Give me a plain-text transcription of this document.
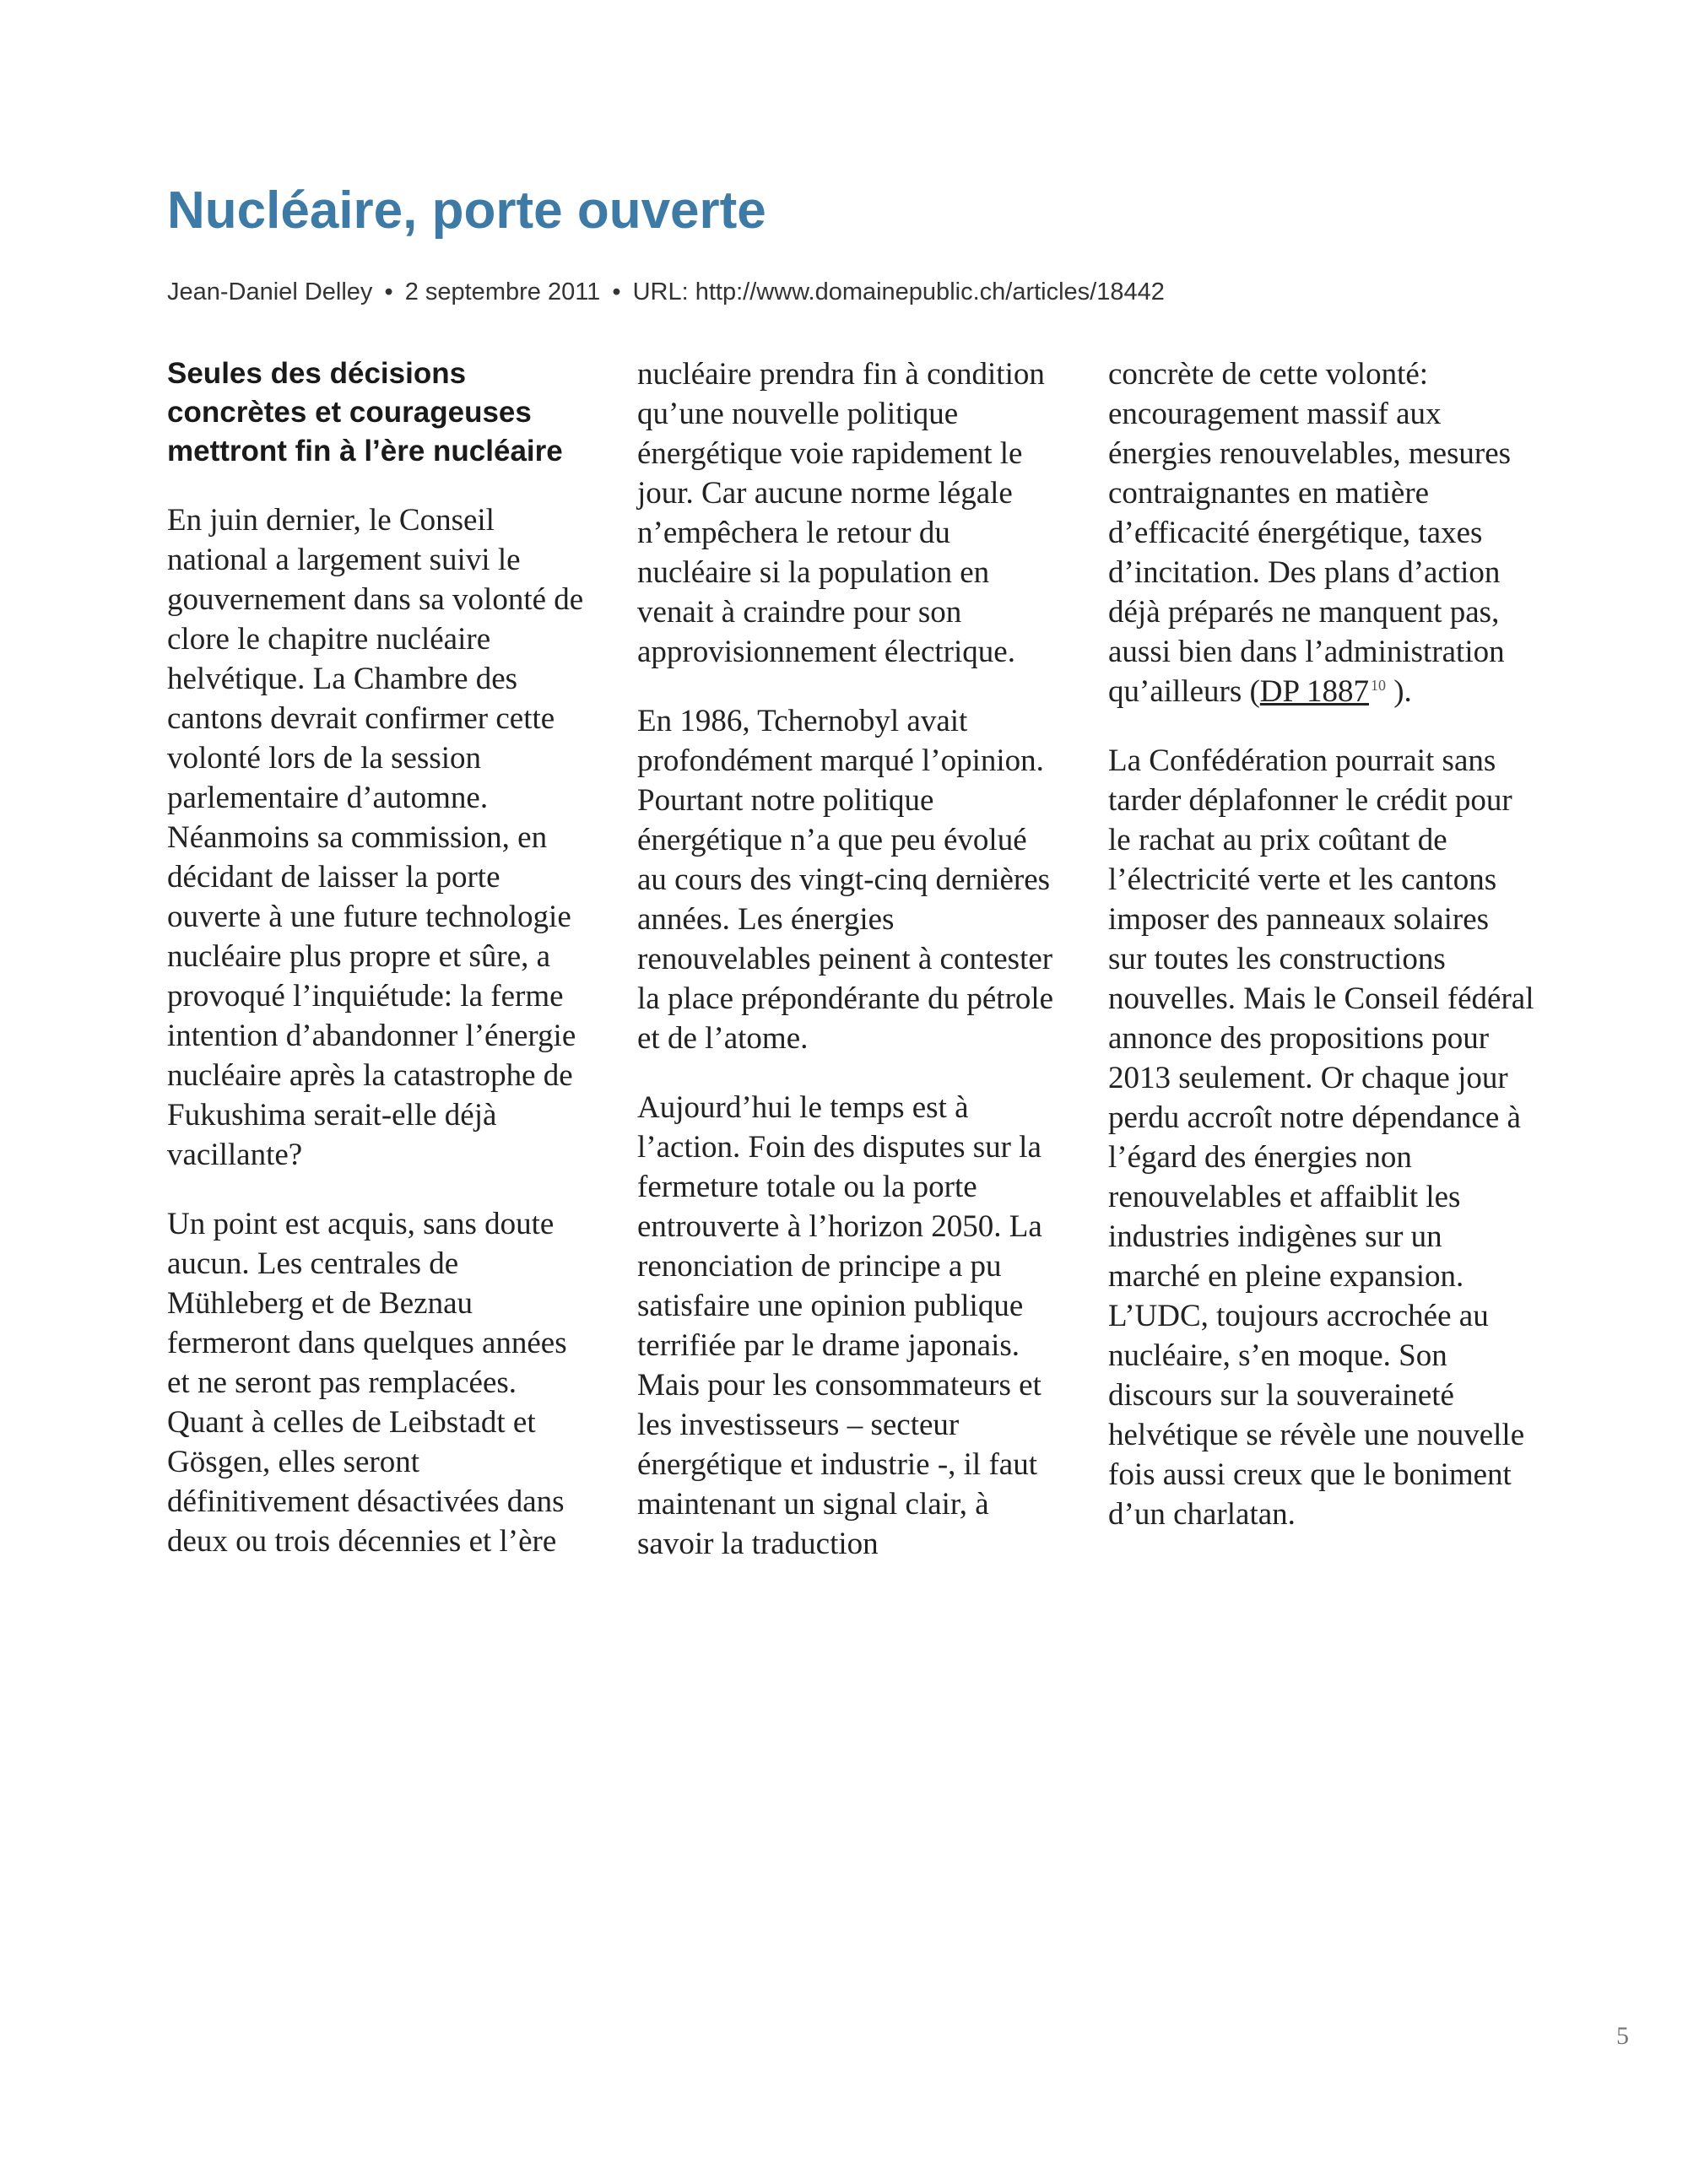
Nucléaire, porte ouverte
Jean-Daniel Delley • 2 septembre 2011 • URL: http://www.domainepublic.ch/articles/18442

Seules des décisions concrètes et courageuses mettront fin à l’ère nucléaire

En juin dernier, le Conseil national a largement suivi le gouvernement dans sa volonté de clore le chapitre nucléaire helvétique. La Chambre des cantons devrait confirmer cette volonté lors de la session parlementaire d’automne. Néanmoins sa commission, en décidant de laisser la porte ouverte à une future technologie nucléaire plus propre et sûre, a provoqué l’inquiétude: la ferme intention d’abandonner l’énergie nucléaire après la catastrophe de Fukushima serait-elle déjà vacillante?

Un point est acquis, sans doute aucun. Les centrales de Mühleberg et de Beznau fermeront dans quelques années et ne seront pas remplacées. Quant à celles de Leibstadt et Gösgen, elles seront définitivement désactivées dans deux ou trois décennies et l’ère

nucléaire prendra fin à condition qu’une nouvelle politique énergétique voie rapidement le jour. Car aucune norme légale n’empêchera le retour du nucléaire si la population en venait à craindre pour son approvisionnement électrique.

En 1986, Tchernobyl avait profondément marqué l’opinion. Pourtant notre politique énergétique n’a que peu évolué au cours des vingt-cinq dernières années. Les énergies renouvelables peinent à contester la place prépondérante du pétrole et de l’atome.

Aujourd’hui le temps est à l’action. Foin des disputes sur la fermeture totale ou la porte entrouverte à l’horizon 2050. La renonciation de principe a pu satisfaire une opinion publique terrifiée par le drame japonais. Mais pour les consommateurs et les investisseurs – secteur énergétique et industrie -, il faut maintenant un signal clair, à savoir la traduction

concrète de cette volonté: encouragement massif aux énergies renouvelables, mesures contraignantes en matière d’efficacité énergétique, taxes d’incitation. Des plans d’action déjà préparés ne manquent pas, aussi bien dans l’administration qu’ailleurs (DP 1887 $^{10}$ ).

La Confédération pourrait sans tarder déplafonner le crédit pour le rachat au prix coûtant de l’électricité verte et les cantons imposer des panneaux solaires sur toutes les constructions nouvelles. Mais le Conseil fédéral annonce des propositions pour 2013 seulement. Or chaque jour perdu accroît notre dépendance à l’égard des énergies non renouvelables et affaiblit les industries indigènes sur un marché en pleine expansion. L’UDC, toujours accrochée au nucléaire, s’en moque. Son discours sur la souveraineté helvétique se révèle une nouvelle fois aussi creux que le boniment d’un charlatan.

5
